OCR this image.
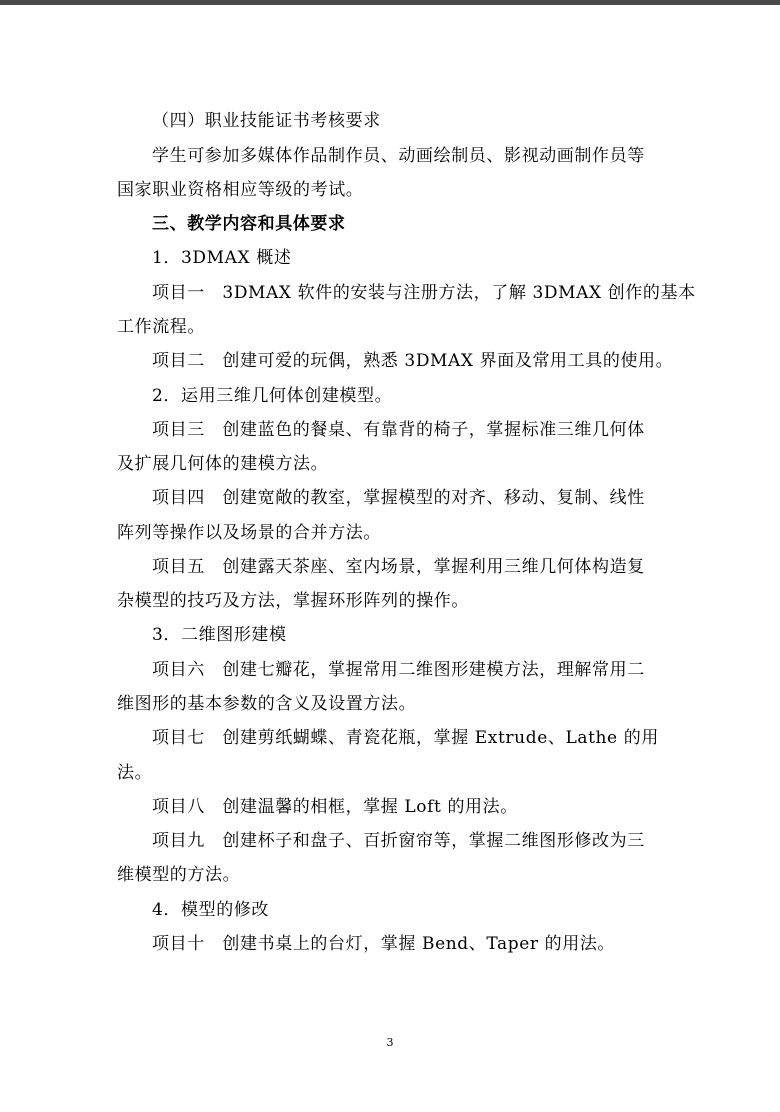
（四）职业技能证书考核要求

学生可参加多媒体作品制作员、动画绘制员、影视动画制作员等

国家职业资格相应等级的考试。

三、教学内容和具体要求

1．3DMAX 概述

项目一　3DMAX 软件的安装与注册方法，了解 3DMAX 创作的基本

工作流程。

项目二　创建可爱的玩偶，熟悉 3DMAX 界面及常用工具的使用。

2．运用三维几何体创建模型。

项目三　创建蓝色的餐桌、有靠背的椅子，掌握标准三维几何体

及扩展几何体的建模方法。

项目四　创建宽敞的教室，掌握模型的对齐、移动、复制、线性

阵列等操作以及场景的合并方法。

项目五　创建露天茶座、室内场景，掌握利用三维几何体构造复

杂模型的技巧及方法，掌握环形阵列的操作。

3．二维图形建模

项目六　创建七瓣花，掌握常用二维图形建模方法，理解常用二

维图形的基本参数的含义及设置方法。

项目七　创建剪纸蝴蝶、青瓷花瓶，掌握 Extrude、Lathe 的用

法。

项目八　创建温馨的相框，掌握 Loft 的用法。

项目九　创建杯子和盘子、百折窗帘等，掌握二维图形修改为三

维模型的方法。

4．模型的修改

项目十　创建书桌上的台灯，掌握 Bend、Taper 的用法。

3
